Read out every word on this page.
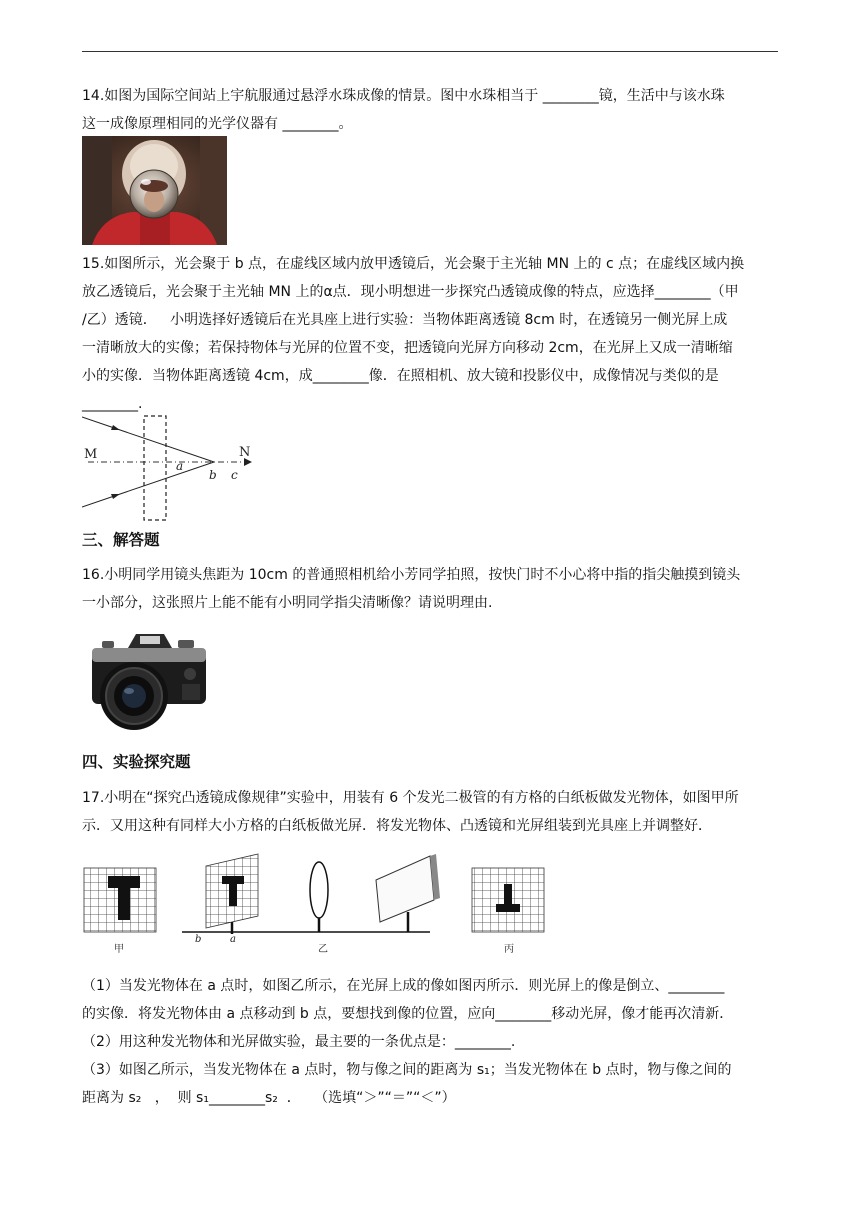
14.如图为国际空间站上宇航服通过悬浮水珠成像的情景。图中水珠相当于 ________镜，生活中与该水珠
这一成像原理相同的光学仪器有 ________。
15.如图所示，光会聚于 b 点，在虚线区域内放甲透镜后，光会聚于主光轴 MN 上的 c 点；在虚线区域内换
放乙透镜后，光会聚于主光轴 MN 上的α点．现小明想进一步探究凸透镜成像的特点，应选择________（甲
/乙）透镜．   小明选择好透镜后在光具座上进行实验：当物体距离透镜 8cm 时，在透镜另一侧光屏上成
一清晰放大的实像；若保持物体与光屏的位置不变，把透镜向光屏方向移动 2cm，在光屏上又成一清晰缩
小的实像．当物体距离透镜 4cm，成________像．在照相机、放大镜和投影仪中，成像情况与类似的是
________.
M	N
a
b c
三、解答题
16.小明同学用镜头焦距为 10cm 的普通照相机给小芳同学拍照，按快门时不小心将中指的指尖触摸到镜头
一小部分，这张照片上能不能有小明同学指尖清晰像？请说明理由.
四、实验探究题
17.小明在“探究凸透镜成像规律”实验中，用装有 6 个发光二极管的有方格的白纸板做发光物体，如图甲所
示．又用这种有同样大小方格的白纸板做光屏．将发光物体、凸透镜和光屏组装到光具座上并调整好．
甲
b	a
乙	丙
（1）当发光物体在 a 点时，如图乙所示，在光屏上成的像如图丙所示．则光屏上的像是倒立、________
的实像．将发光物体由 a 点移动到 b 点，要想找到像的位置，应向________移动光屏，像才能再次清新．
（2）用这种发光物体和光屏做实验，最主要的一条优点是：________.
（3）如图乙所示，当发光物体在 a 点时，物与像之间的距离为 s₁；当发光物体在 b 点时，物与像之间的
距离为 s₂   ，  则 s₁________s₂  ．   （选填“＞”“＝”“＜”）
